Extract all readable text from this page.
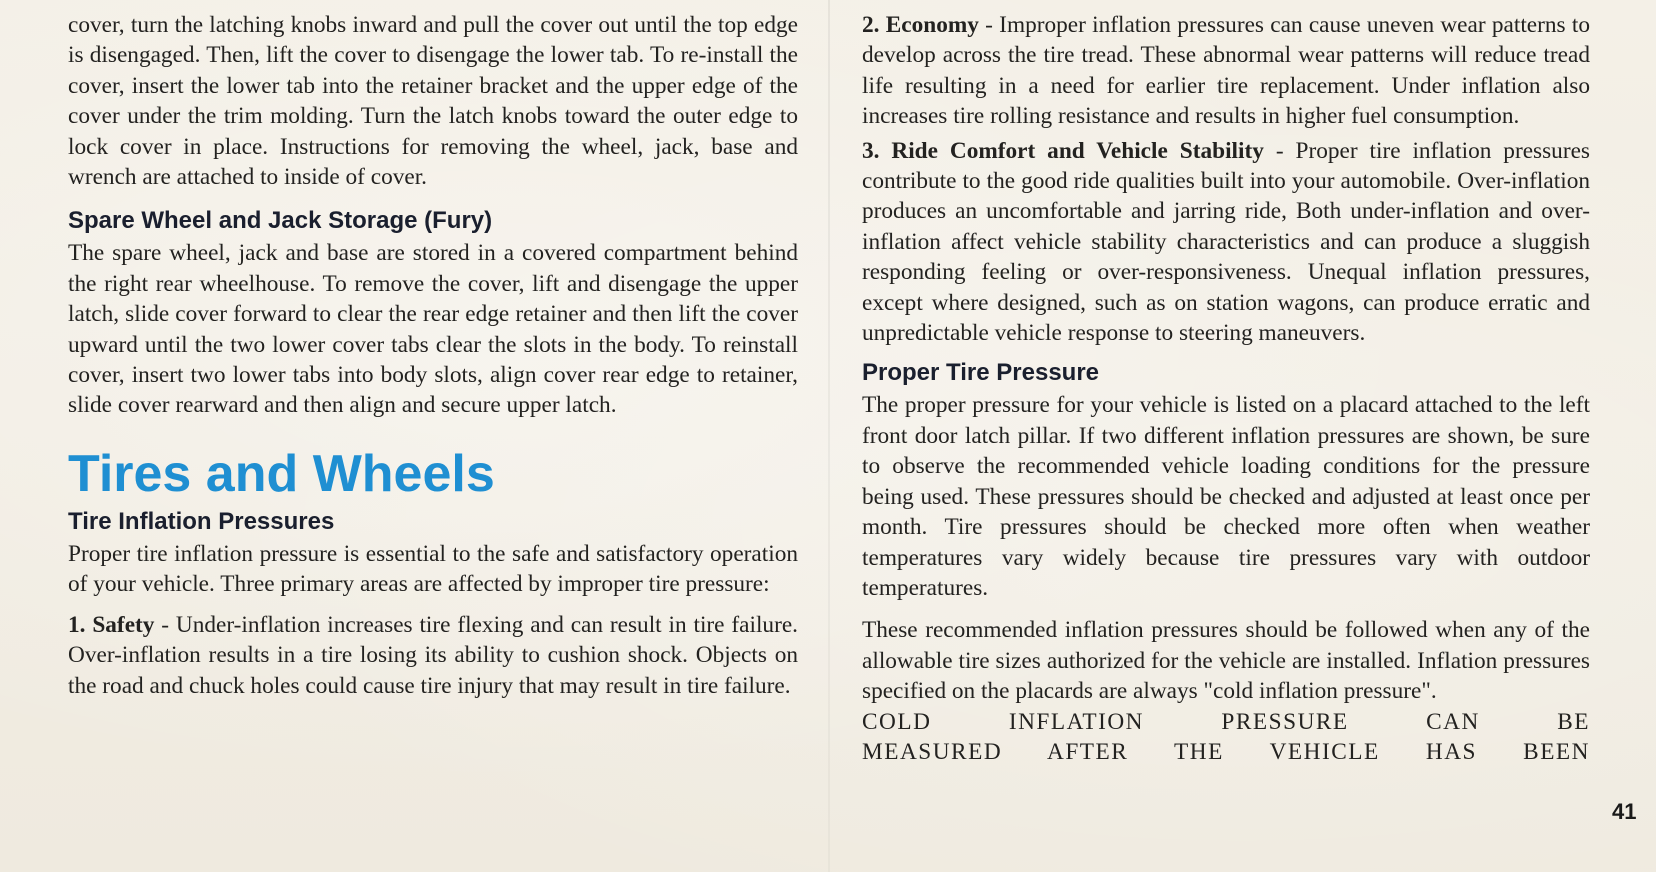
cover, turn the latching knobs inward and pull the cover out until the top edge is disengaged. Then, lift the cover to disengage the lower tab. To re-install the cover, insert the lower tab into the retainer bracket and the upper edge of the cover under the trim molding. Turn the latch knobs toward the outer edge to lock cover in place. Instructions for removing the wheel, jack, base and wrench are attached to inside of cover.

Spare Wheel and Jack Storage (Fury)

The spare wheel, jack and base are stored in a covered compartment behind the right rear wheelhouse. To remove the cover, lift and disengage the upper latch, slide cover forward to clear the rear edge retainer and then lift the cover upward until the two lower cover tabs clear the slots in the body. To reinstall cover, insert two lower tabs into body slots, align cover rear edge to retainer, slide cover rearward and then align and secure upper latch.

Tires and Wheels
Tire Inflation Pressures

Proper tire inflation pressure is essential to the safe and satisfactory operation of your vehicle. Three primary areas are affected by improper tire pressure:

1. Safety - Under-inflation increases tire flexing and can result in tire failure. Over-inflation results in a tire losing its ability to cushion shock. Objects on the road and chuck holes could cause tire injury that may result in tire failure.

2. Economy - Improper inflation pressures can cause uneven wear patterns to develop across the tire tread. These abnormal wear patterns will reduce tread life resulting in a need for earlier tire replacement. Under inflation also increases tire rolling resistance and results in higher fuel consumption.

3. Ride Comfort and Vehicle Stability - Proper tire inflation pressures contribute to the good ride qualities built into your automobile. Over-inflation produces an uncomfortable and jarring ride, Both under-inflation and over-inflation affect vehicle stability characteristics and can produce a sluggish responding feeling or over-responsiveness. Unequal inflation pressures, except where designed, such as on station wagons, can produce erratic and unpredictable vehicle response to steering maneuvers.

Proper Tire Pressure

The proper pressure for your vehicle is listed on a placard attached to the left front door latch pillar. If two different inflation pressures are shown, be sure to observe the recommended vehicle loading conditions for the pressure being used. These pressures should be checked and adjusted at least once per month. Tire pressures should be checked more often when weather temperatures vary widely because tire pressures vary with outdoor temperatures.

These recommended inflation pressures should be followed when any of the allowable tire sizes authorized for the vehicle are installed. Inflation pressures specified on the placards are always "cold inflation pressure".

COLD INFLATION PRESSURE CAN BE

MEASURED AFTER THE VEHICLE HAS BEEN

41
